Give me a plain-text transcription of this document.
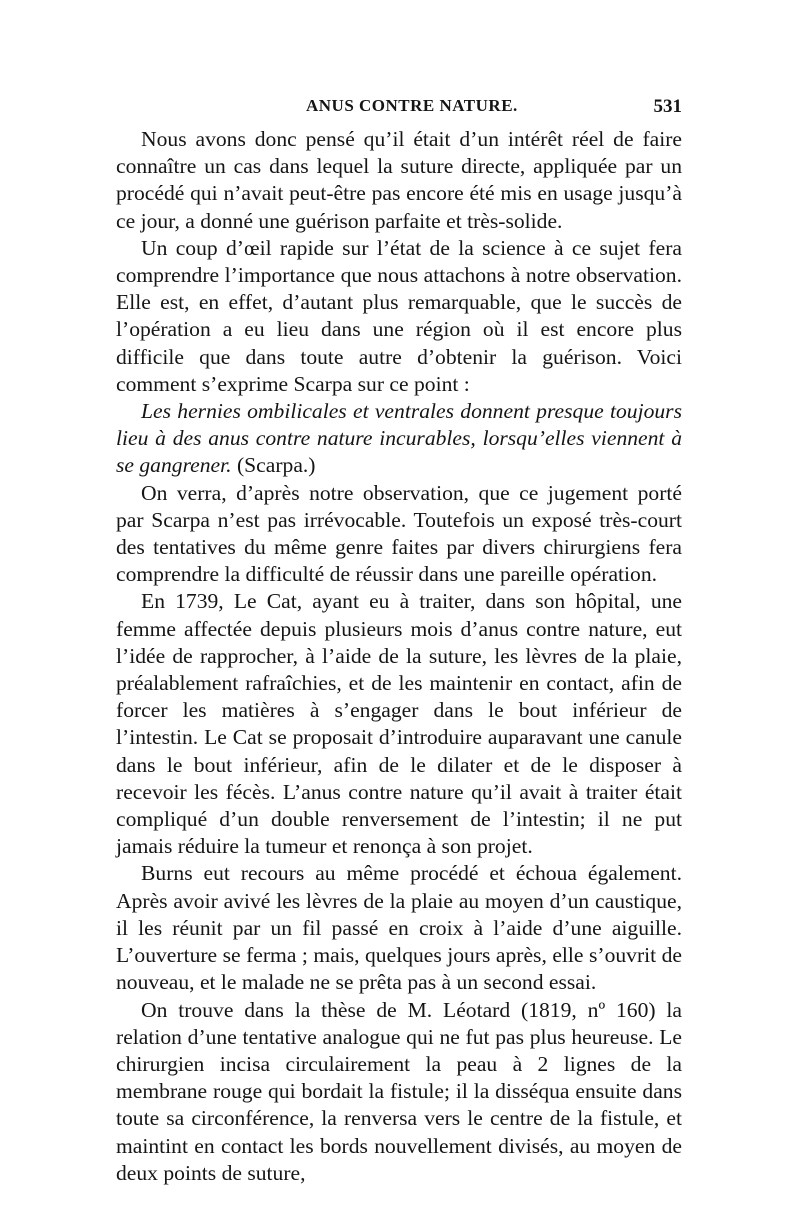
ANUS CONTRE NATURE.	531

Nous avons donc pensé qu’il était d’un intérêt réel de faire connaître un cas dans lequel la suture directe, appliquée par un procédé qui n’avait peut-être pas encore été mis en usage jusqu’à ce jour, a donné une guérison parfaite et très-solide.

Un coup d’œil rapide sur l’état de la science à ce sujet fera comprendre l’importance que nous attachons à notre observation. Elle est, en effet, d’autant plus remarquable, que le succès de l’opération a eu lieu dans une région où il est encore plus difficile que dans toute autre d’obtenir la guérison. Voici comment s’exprime Scarpa sur ce point :

Les hernies ombilicales et ventrales donnent presque toujours lieu à des anus contre nature incurables, lorsqu’elles viennent à se gangrener. (Scarpa.)

On verra, d’après notre observation, que ce jugement porté par Scarpa n’est pas irrévocable. Toutefois un exposé très-court des tentatives du même genre faites par divers chirurgiens fera comprendre la difficulté de réussir dans une pareille opération.

En 1739, Le Cat, ayant eu à traiter, dans son hôpital, une femme affectée depuis plusieurs mois d’anus contre nature, eut l’idée de rapprocher, à l’aide de la suture, les lèvres de la plaie, préalablement rafraîchies, et de les maintenir en contact, afin de forcer les matières à s’engager dans le bout inférieur de l’intestin. Le Cat se proposait d’introduire auparavant une canule dans le bout inférieur, afin de le dilater et de le disposer à recevoir les fécès. L’anus contre nature qu’il avait à traiter était compliqué d’un double renversement de l’intestin; il ne put jamais réduire la tumeur et renonça à son projet.

Burns eut recours au même procédé et échoua également. Après avoir avivé les lèvres de la plaie au moyen d’un caustique, il les réunit par un fil passé en croix à l’aide d’une aiguille. L’ouverture se ferma ; mais, quelques jours après, elle s’ouvrit de nouveau, et le malade ne se prêta pas à un second essai.

On trouve dans la thèse de M. Léotard (1819, nº 160) la relation d’une tentative analogue qui ne fut pas plus heureuse. Le chirurgien incisa circulairement la peau à 2 lignes de la membrane rouge qui bordait la fistule; il la disséqua ensuite dans toute sa circonférence, la renversa vers le centre de la fistule, et maintint en contact les bords nouvellement divisés, au moyen de deux points de suture,
